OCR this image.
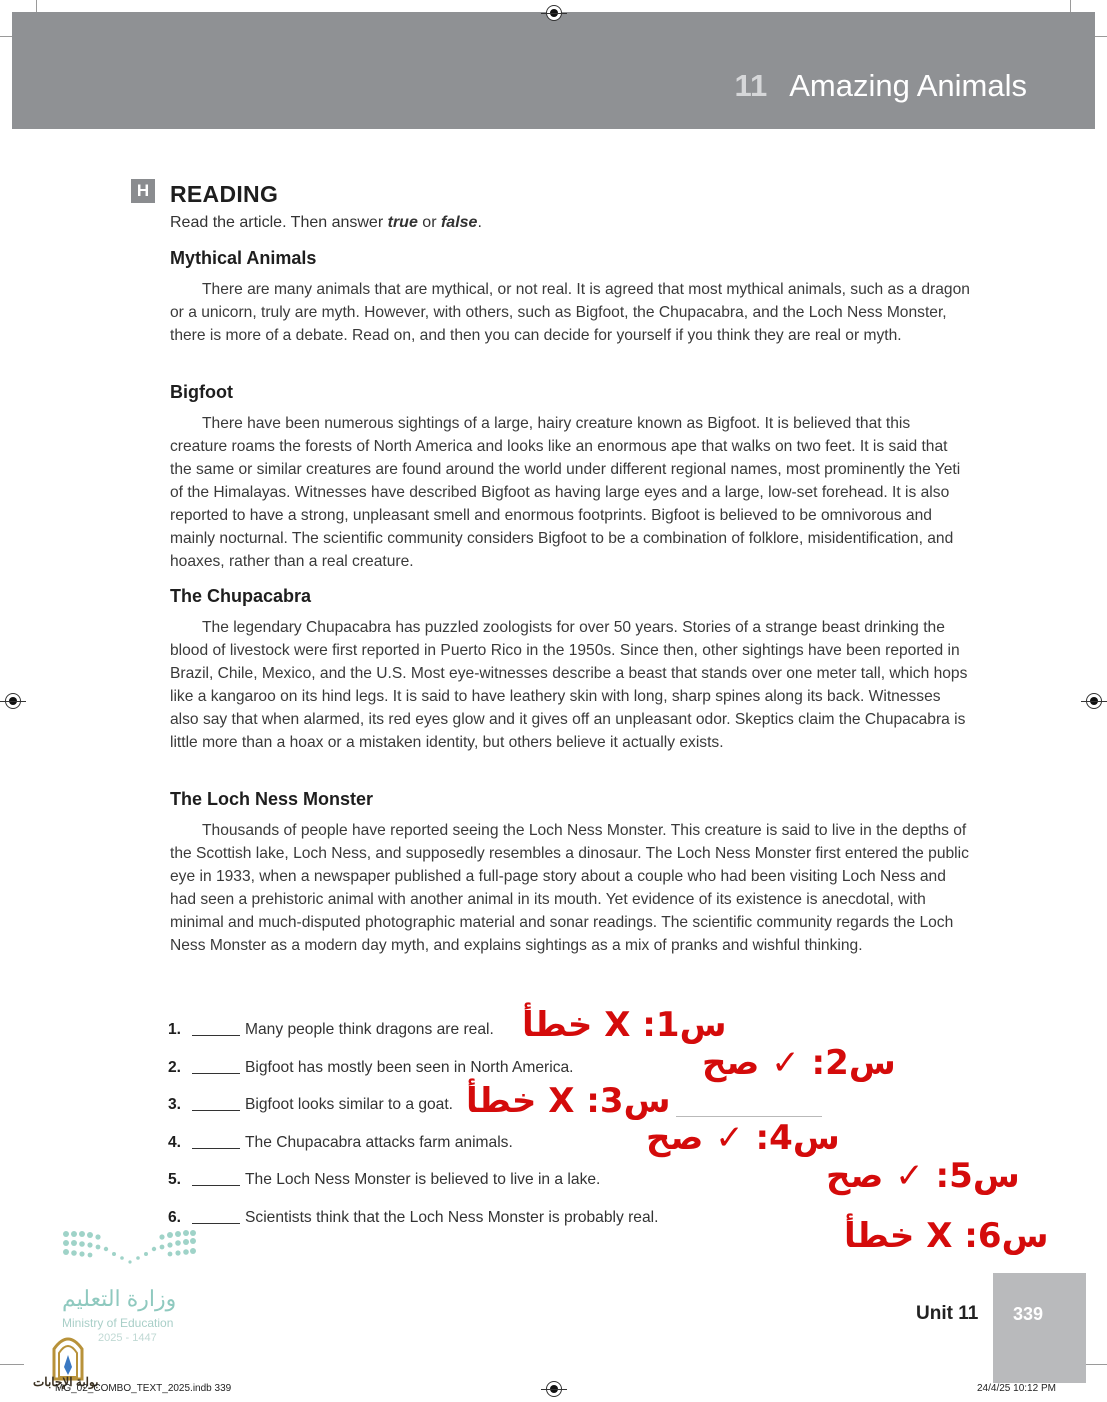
11 Amazing Animals
H READING
Read the article. Then answer true or false.
Mythical Animals

There are many animals that are mythical, or not real. It is agreed that most mythical animals, such as a dragon or a unicorn, truly are myth. However, with others, such as Bigfoot, the Chupacabra, and the Loch Ness Monster, there is more of a debate. Read on, and then you can decide for yourself if you think they are real or myth.

Bigfoot

There have been numerous sightings of a large, hairy creature known as Bigfoot. It is believed that this creature roams the forests of North America and looks like an enormous ape that walks on two feet. It is said that the same or similar creatures are found around the world under different regional names, most prominently the Yeti of the Himalayas. Witnesses have described Bigfoot as having large eyes and a large, low-set forehead. It is also reported to have a strong, unpleasant smell and enormous footprints. Bigfoot is believed to be omnivorous and mainly nocturnal. The scientific community considers Bigfoot to be a combination of folklore, misidentification, and hoaxes, rather than a real creature.

The Chupacabra

The legendary Chupacabra has puzzled zoologists for over 50 years. Stories of a strange beast drinking the blood of livestock were first reported in Puerto Rico in the 1950s. Since then, other sightings have been reported in Brazil, Chile, Mexico, and the U.S. Most eye-witnesses describe a beast that stands over one meter tall, which hops like a kangaroo on its hind legs. It is said to have leathery skin with long, sharp spines along its back. Witnesses also say that when alarmed, its red eyes glow and it gives off an unpleasant odor. Skeptics claim the Chupacabra is little more than a hoax or a mistaken identity, but others believe it actually exists.

The Loch Ness Monster

Thousands of people have reported seeing the Loch Ness Monster. This creature is said to live in the depths of the Scottish lake, Loch Ness, and supposedly resembles a dinosaur. The Loch Ness Monster first entered the public eye in 1933, when a newspaper published a full-page story about a couple who had been visiting Loch Ness and had seen a prehistoric animal with another animal in its mouth. Yet evidence of its existence is anecdotal, with minimal and much-disputed photographic material and sonar readings. The scientific community regards the Loch Ness Monster as a modern day myth, and explains sightings as a mix of pranks and wishful thinking.

1.	Many people think dragons are real.
2.	Bigfoot has mostly been seen in North America.
3.	Bigfoot looks similar to a goat.
4.	The Chupacabra attacks farm animals.
5.	The Loch Ness Monster is believed to live in a lake.
6.	Scientists think that the Loch Ness Monster is probably real.
س1: X خطأ
س2: ✓ صح
س3: X خطأ
س4: ✓ صح
س5: ✓ صح
س6: X خطأ
وزارة التعليم
Ministry of Education
2025 - 1447
بوابة الإجابات
Unit 11	339
MG_02_COMBO_TEXT_2025.indb 339	24/4/25 10:12 PM
